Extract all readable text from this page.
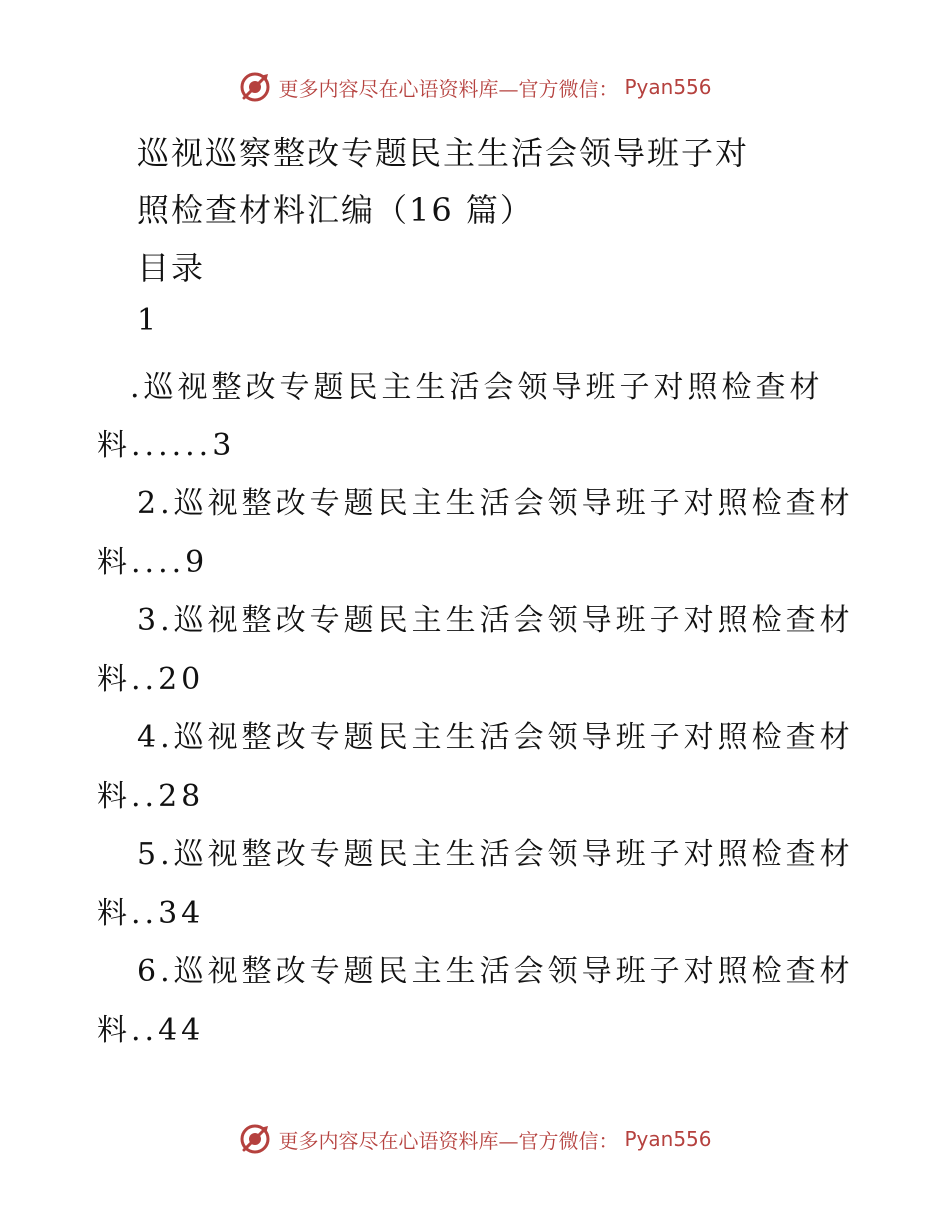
更多内容尽在心语资料库—官方微信： Pyan556
巡视巡察整改专题民主生活会领导班子对
照检查材料汇编（16 篇）
目录
1
.巡视整改专题民主生活会领导班子对照检查材
料......3
2.巡视整改专题民主生活会领导班子对照检查材
料....9
3.巡视整改专题民主生活会领导班子对照检查材
料..20
4.巡视整改专题民主生活会领导班子对照检查材
料..28
5.巡视整改专题民主生活会领导班子对照检查材
料..34
6.巡视整改专题民主生活会领导班子对照检查材
料..44
更多内容尽在心语资料库—官方微信： Pyan556
